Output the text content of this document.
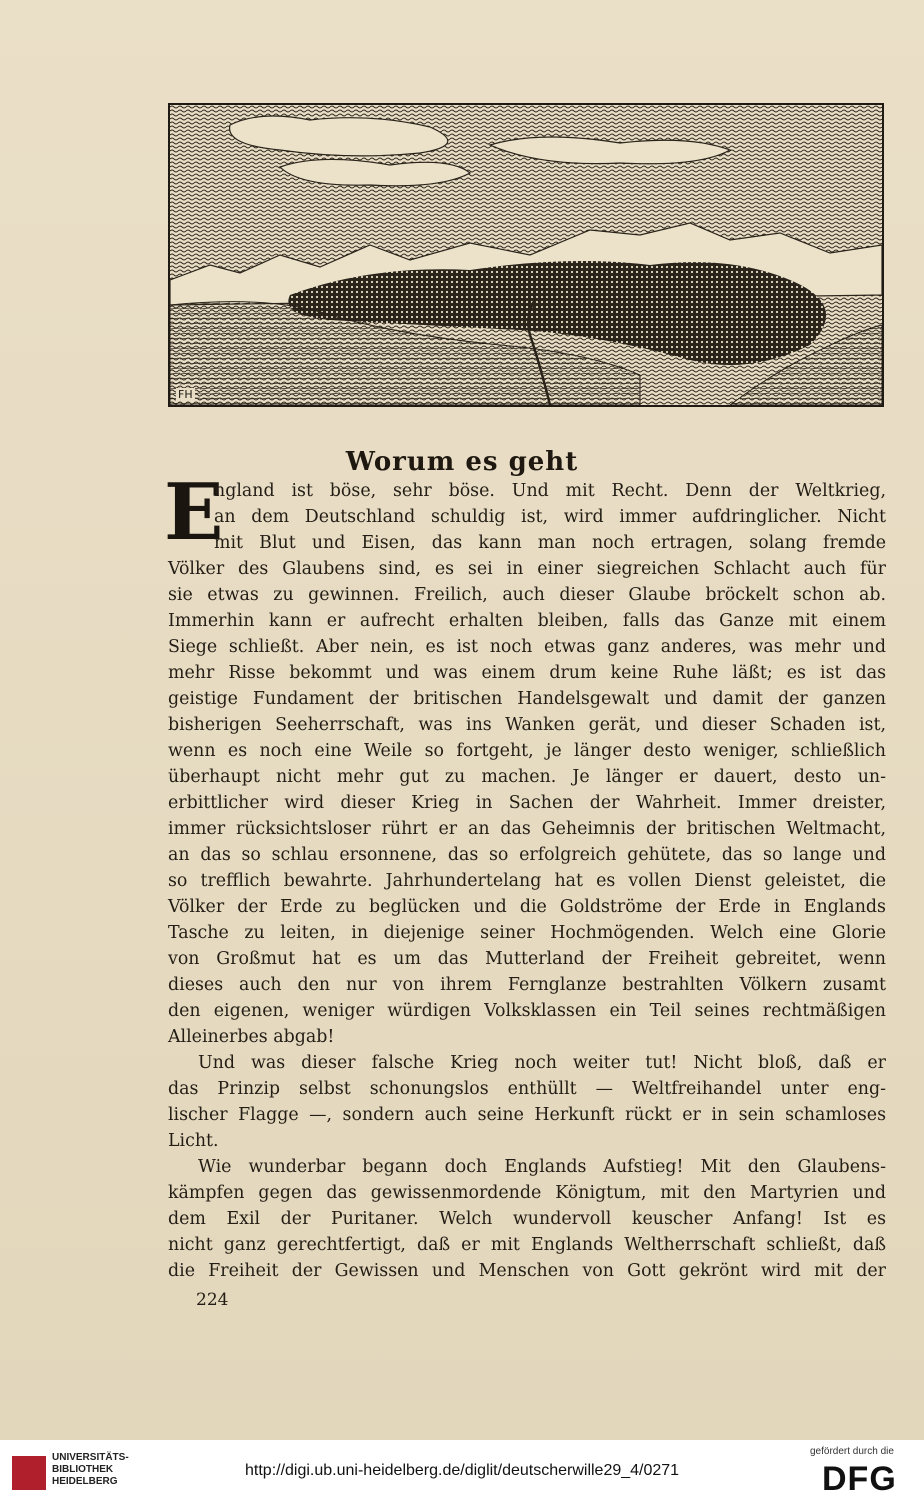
FH
Worum es geht
E
ngland ist böse, sehr böse. Und mit Recht. Denn der Weltkrieg,
an dem Deutschland schuldig ist, wird immer aufdringlicher. Nicht
mit Blut und Eisen, das kann man noch ertragen, solang fremde
Völker des Glaubens sind, es sei in einer siegreichen Schlacht auch für
sie etwas zu gewinnen. Freilich, auch dieser Glaube bröckelt schon ab.
Immerhin kann er aufrecht erhalten bleiben, falls das Ganze mit einem
Siege schließt. Aber nein, es ist noch etwas ganz anderes, was mehr und
mehr Risse bekommt und was einem drum keine Ruhe läßt; es ist das
geistige Fundament der britischen Handelsgewalt und damit der ganzen
bisherigen Seeherrschaft, was ins Wanken gerät, und dieser Schaden ist,
wenn es noch eine Weile so fortgeht, je länger desto weniger, schließlich
überhaupt nicht mehr gut zu machen. Je länger er dauert, desto un-
erbittlicher wird dieser Krieg in Sachen der Wahrheit. Immer dreister,
immer rücksichtsloser rührt er an das Geheimnis der britischen Weltmacht,
an das so schlau ersonnene, das so erfolgreich gehütete, das so lange und
so trefflich bewahrte. Jahrhundertelang hat es vollen Dienst geleistet, die
Völker der Erde zu beglücken und die Goldströme der Erde in Englands
Tasche zu leiten, in diejenige seiner Hochmögenden. Welch eine Glorie
von Großmut hat es um das Mutterland der Freiheit gebreitet, wenn
dieses auch den nur von ihrem Fernglanze bestrahlten Völkern zusamt
den eigenen, weniger würdigen Volksklassen ein Teil seines rechtmäßigen
Alleinerbes abgab!
Und was dieser falsche Krieg noch weiter tut! Nicht bloß, daß er
das Prinzip selbst schonungslos enthüllt — Weltfreihandel unter eng-
lischer Flagge —, sondern auch seine Herkunft rückt er in sein schamloses
Licht.
Wie wunderbar begann doch Englands Aufstieg! Mit den Glaubens-
kämpfen gegen das gewissenmordende Königtum, mit den Martyrien und
dem Exil der Puritaner. Welch wundervoll keuscher Anfang! Ist es
nicht ganz gerechtfertigt, daß er mit Englands Weltherrschaft schließt, daß
die Freiheit der Gewissen und Menschen von Gott gekrönt wird mit der
224
UNIVERSITÄTS-
BIBLIOTHEK
HEIDELBERG
http://digi.ub.uni-heidelberg.de/diglit/deutscherwille29_4/0271
gefördert durch die
DFG
